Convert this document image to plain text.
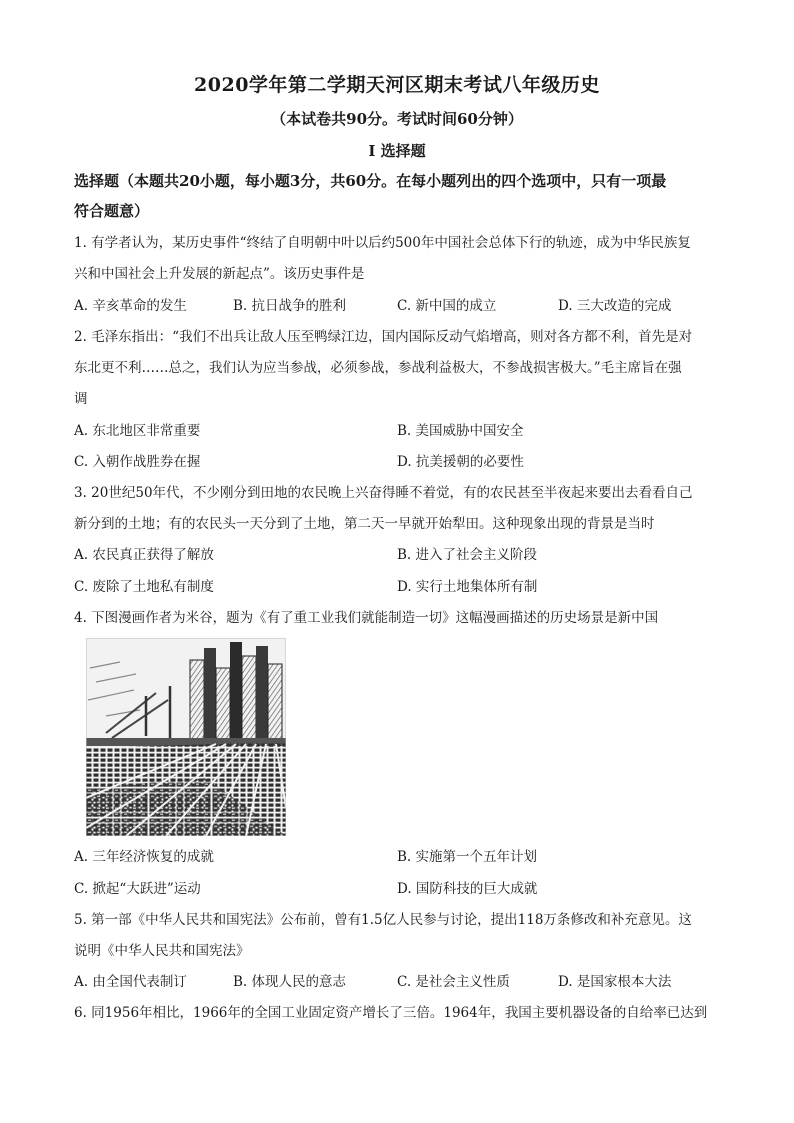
2020学年第二学期天河区期末考试八年级历史
（本试卷共90分。考试时间60分钟）
I 选择题
选择题（本题共20小题，每小题3分，共60分。在每小题列出的四个选项中，只有一项最
符合题意）
1. 有学者认为，某历史事件“终结了自明朝中叶以后约500年中国社会总体下行的轨迹，成为中华民族复
兴和中国社会上升发展的新起点”。该历史事件是
A. 辛亥革命的发生	B. 抗日战争的胜利	C. 新中国的成立	D. 三大改造的完成
2. 毛泽东指出：“我们不出兵让敌人压至鸭绿江边，国内国际反动气焰增高，则对各方都不利，首先是对
东北更不利……总之，我们认为应当参战，必须参战，参战利益极大，不参战损害极大。”毛主席旨在强
调
A. 东北地区非常重要	B. 美国威胁中国安全
C. 入朝作战胜券在握	D. 抗美援朝的必要性
3. 20世纪50年代，不少刚分到田地的农民晚上兴奋得睡不着觉，有的农民甚至半夜起来要出去看看自己
新分到的土地；有的农民头一天分到了土地，第二天一早就开始犁田。这种现象出现的背景是当时
A. 农民真正获得了解放	B. 进入了社会主义阶段
C. 废除了土地私有制度	D. 实行土地集体所有制
4. 下图漫画作者为米谷，题为《有了重工业我们就能制造一切》这幅漫画描述的历史场景是新中国
A. 三年经济恢复的成就	B. 实施第一个五年计划
C. 掀起“大跃进”运动	D. 国防科技的巨大成就
5. 第一部《中华人民共和国宪法》公布前，曾有1.5亿人民参与讨论，提出118万条修改和补充意见。这
说明《中华人民共和国宪法》
A. 由全国代表制订	B. 体现人民的意志	C. 是社会主义性质	D. 是国家根本大法
6. 同1956年相比，1966年的全国工业固定资产增长了三倍。1964年，我国主要机器设备的自给率已达到
